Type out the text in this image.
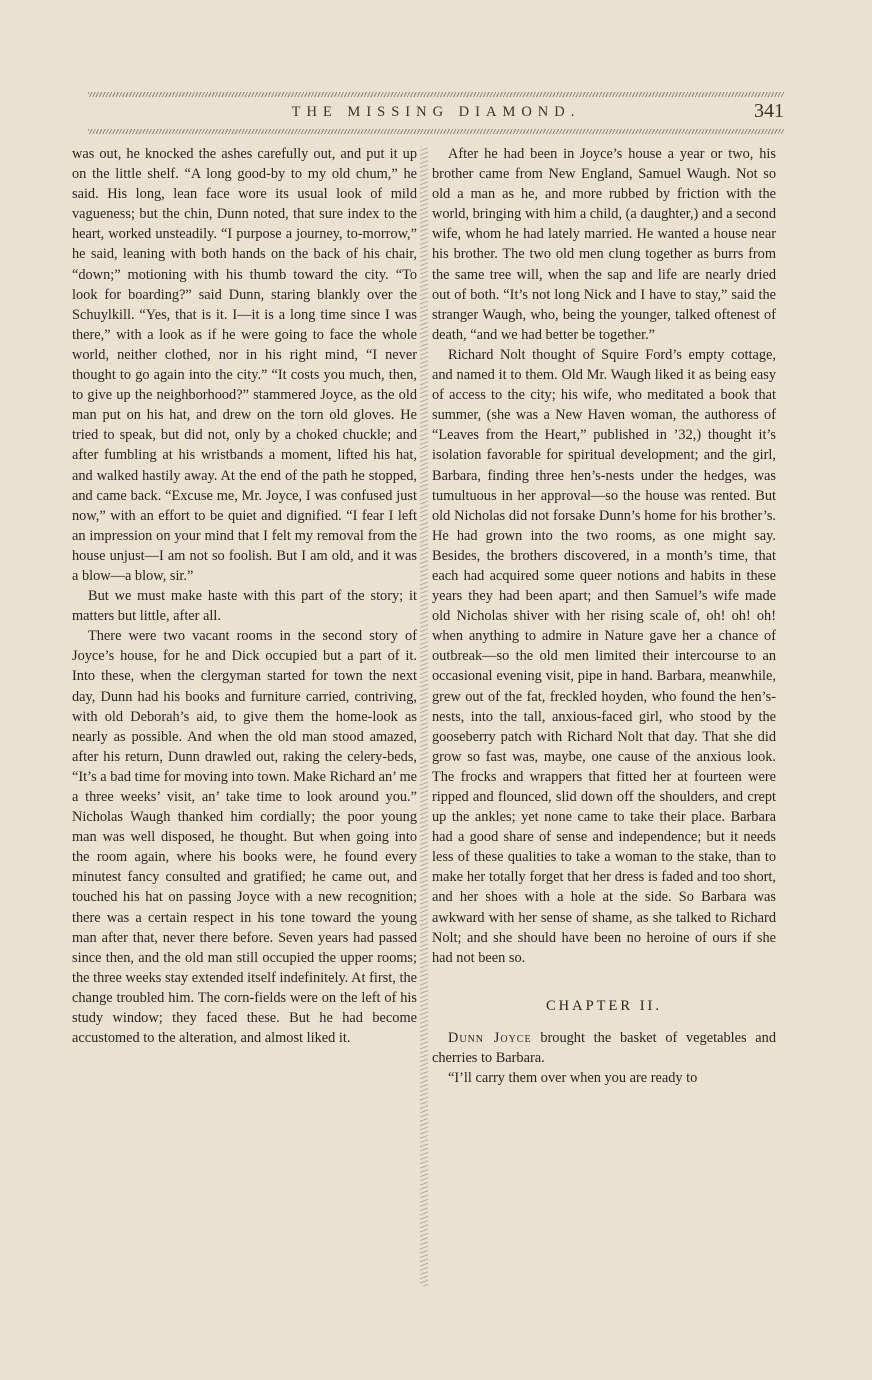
THE MISSING DIAMOND.	341

was out, he knocked the ashes carefully out, and put it up on the little shelf. “A long good-by to my old chum,” he said. His long, lean face wore its usual look of mild vagueness; but the chin, Dunn noted, that sure index to the heart, worked unsteadily. “I purpose a journey, to-morrow,” he said, leaning with both hands on the back of his chair, “down;” motioning with his thumb toward the city. “To look for boarding?” said Dunn, staring blankly over the Schuylkill. “Yes, that is it. I—it is a long time since I was there,” with a look as if he were going to face the whole world, neither clothed, nor in his right mind, “I never thought to go again into the city.” “It costs you much, then, to give up the neighborhood?” stammered Joyce, as the old man put on his hat, and drew on the torn old gloves. He tried to speak, but did not, only by a choked chuckle; and after fumbling at his wristbands a moment, lifted his hat, and walked hastily away. At the end of the path he stopped, and came back. “Excuse me, Mr. Joyce, I was confused just now,” with an effort to be quiet and dignified. “I fear I left an impression on your mind that I felt my removal from the house unjust—I am not so foolish. But I am old, and it was a blow—a blow, sir.”

But we must make haste with this part of the story; it matters but little, after all.

There were two vacant rooms in the second story of Joyce’s house, for he and Dick occupied but a part of it. Into these, when the clergyman started for town the next day, Dunn had his books and furniture carried, contriving, with old Deborah’s aid, to give them the home-look as nearly as possible. And when the old man stood amazed, after his return, Dunn drawled out, raking the celery-beds, “It’s a bad time for moving into town. Make Richard an’ me a three weeks’ visit, an’ take time to look around you.” Nicholas Waugh thanked him cordially; the poor young man was well disposed, he thought. But when going into the room again, where his books were, he found every minutest fancy consulted and gratified; he came out, and touched his hat on passing Joyce with a new recognition; there was a certain respect in his tone toward the young man after that, never there before. Seven years had passed since then, and the old man still occupied the upper rooms; the three weeks stay extended itself indefinitely. At first, the change troubled him. The corn-fields were on the left of his study window; they faced these. But he had become accustomed to the alteration, and almost liked it.

After he had been in Joyce’s house a year or two, his brother came from New England, Samuel Waugh. Not so old a man as he, and more rubbed by friction with the world, bringing with him a child, (a daughter,) and a second wife, whom he had lately married. He wanted a house near his brother. The two old men clung together as burrs from the same tree will, when the sap and life are nearly dried out of both. “It’s not long Nick and I have to stay,” said the stranger Waugh, who, being the younger, talked oftenest of death, “and we had better be together.”

Richard Nolt thought of Squire Ford’s empty cottage, and named it to them. Old Mr. Waugh liked it as being easy of access to the city; his wife, who meditated a book that summer, (she was a New Haven woman, the authoress of “Leaves from the Heart,” published in ’32,) thought it’s isolation favorable for spiritual development; and the girl, Barbara, finding three hen’s-nests under the hedges, was tumultuous in her approval—so the house was rented. But old Nicholas did not forsake Dunn’s home for his brother’s. He had grown into the two rooms, as one might say. Besides, the brothers discovered, in a month’s time, that each had acquired some queer notions and habits in these years they had been apart; and then Samuel’s wife made old Nicholas shiver with her rising scale of, oh! oh! oh! when anything to admire in Nature gave her a chance of outbreak—so the old men limited their intercourse to an occasional evening visit, pipe in hand. Barbara, meanwhile, grew out of the fat, freckled hoyden, who found the hen’s-nests, into the tall, anxious-faced girl, who stood by the gooseberry patch with Richard Nolt that day. That she did grow so fast was, maybe, one cause of the anxious look. The frocks and wrappers that fitted her at fourteen were ripped and flounced, slid down off the shoulders, and crept up the ankles; yet none came to take their place. Barbara had a good share of sense and independence; but it needs less of these qualities to take a woman to the stake, than to make her totally forget that her dress is faded and too short, and her shoes with a hole at the side. So Barbara was awkward with her sense of shame, as she talked to Richard Nolt; and she should have been no heroine of ours if she had not been so.

CHAPTER II.

Dunn Joyce brought the basket of vegetables and cherries to Barbara.

“I’ll carry them over when you are ready to
